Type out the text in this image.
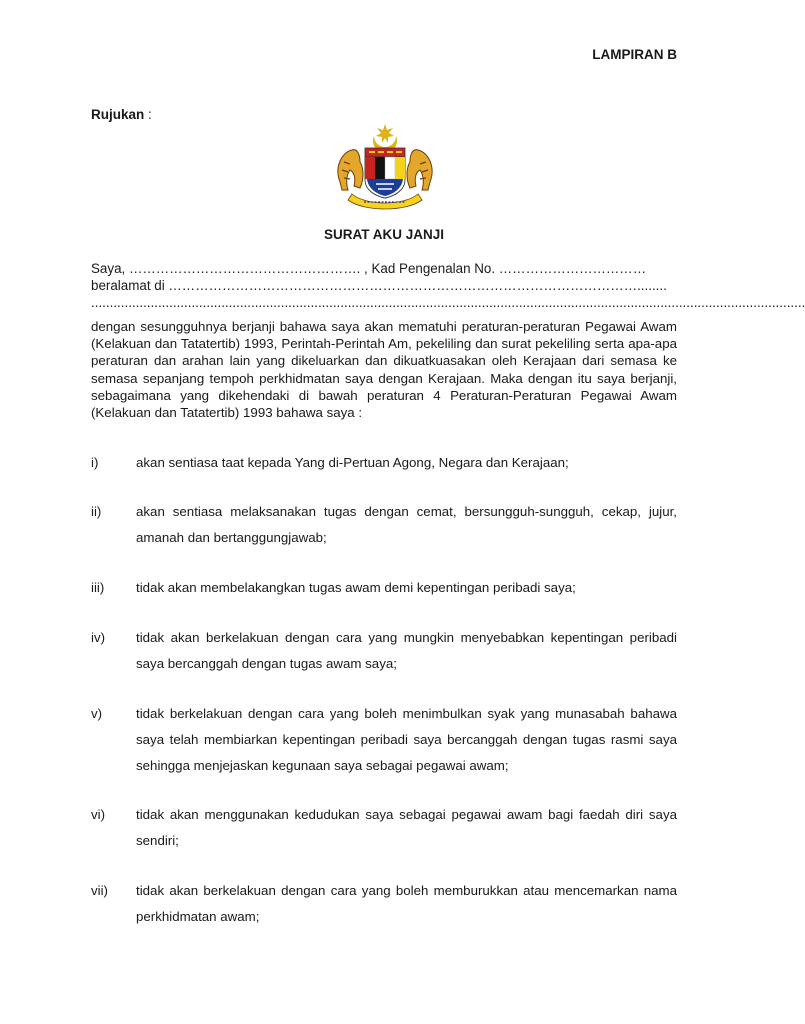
LAMPIRAN B
Rujukan :
SURAT AKU JANJI
Saya, ……………………………………………. , Kad Pengenalan No. ……………………………
beralamat di ……………………………………………………………………………………………........
................................................................................................................................................................................................
dengan sesungguhnya berjanji bahawa saya akan mematuhi peraturan-peraturan Pegawai Awam (Kelakuan dan Tatatertib) 1993, Perintah-Perintah Am, pekeliling dan surat pekeliling serta apa-apa peraturan dan arahan lain yang dikeluarkan dan dikuatkuasakan oleh Kerajaan dari semasa ke semasa sepanjang tempoh perkhidmatan saya dengan Kerajaan. Maka dengan itu saya berjanji, sebagaimana yang dikehendaki di bawah peraturan 4 Peraturan-Peraturan Pegawai Awam (Kelakuan dan Tatatertib) 1993 bahawa saya :
i)	akan sentiasa taat kepada Yang di-Pertuan Agong, Negara dan Kerajaan;
ii)	akan sentiasa melaksanakan tugas dengan cemat, bersungguh-sungguh, cekap, jujur, amanah dan bertanggungjawab;
iii)	tidak akan membelakangkan tugas awam demi kepentingan peribadi saya;
iv)	tidak akan berkelakuan dengan cara yang mungkin menyebabkan kepentingan peribadi saya bercanggah dengan tugas awam saya;
v)	tidak berkelakuan dengan cara yang boleh menimbulkan syak yang munasabah bahawa saya telah membiarkan kepentingan peribadi saya bercanggah dengan tugas rasmi saya sehingga menjejaskan kegunaan saya sebagai pegawai awam;
vi)	tidak akan menggunakan kedudukan saya sebagai pegawai awam bagi faedah diri saya sendiri;
vii)	tidak akan berkelakuan dengan cara yang boleh memburukkan atau mencemarkan nama perkhidmatan awam;
